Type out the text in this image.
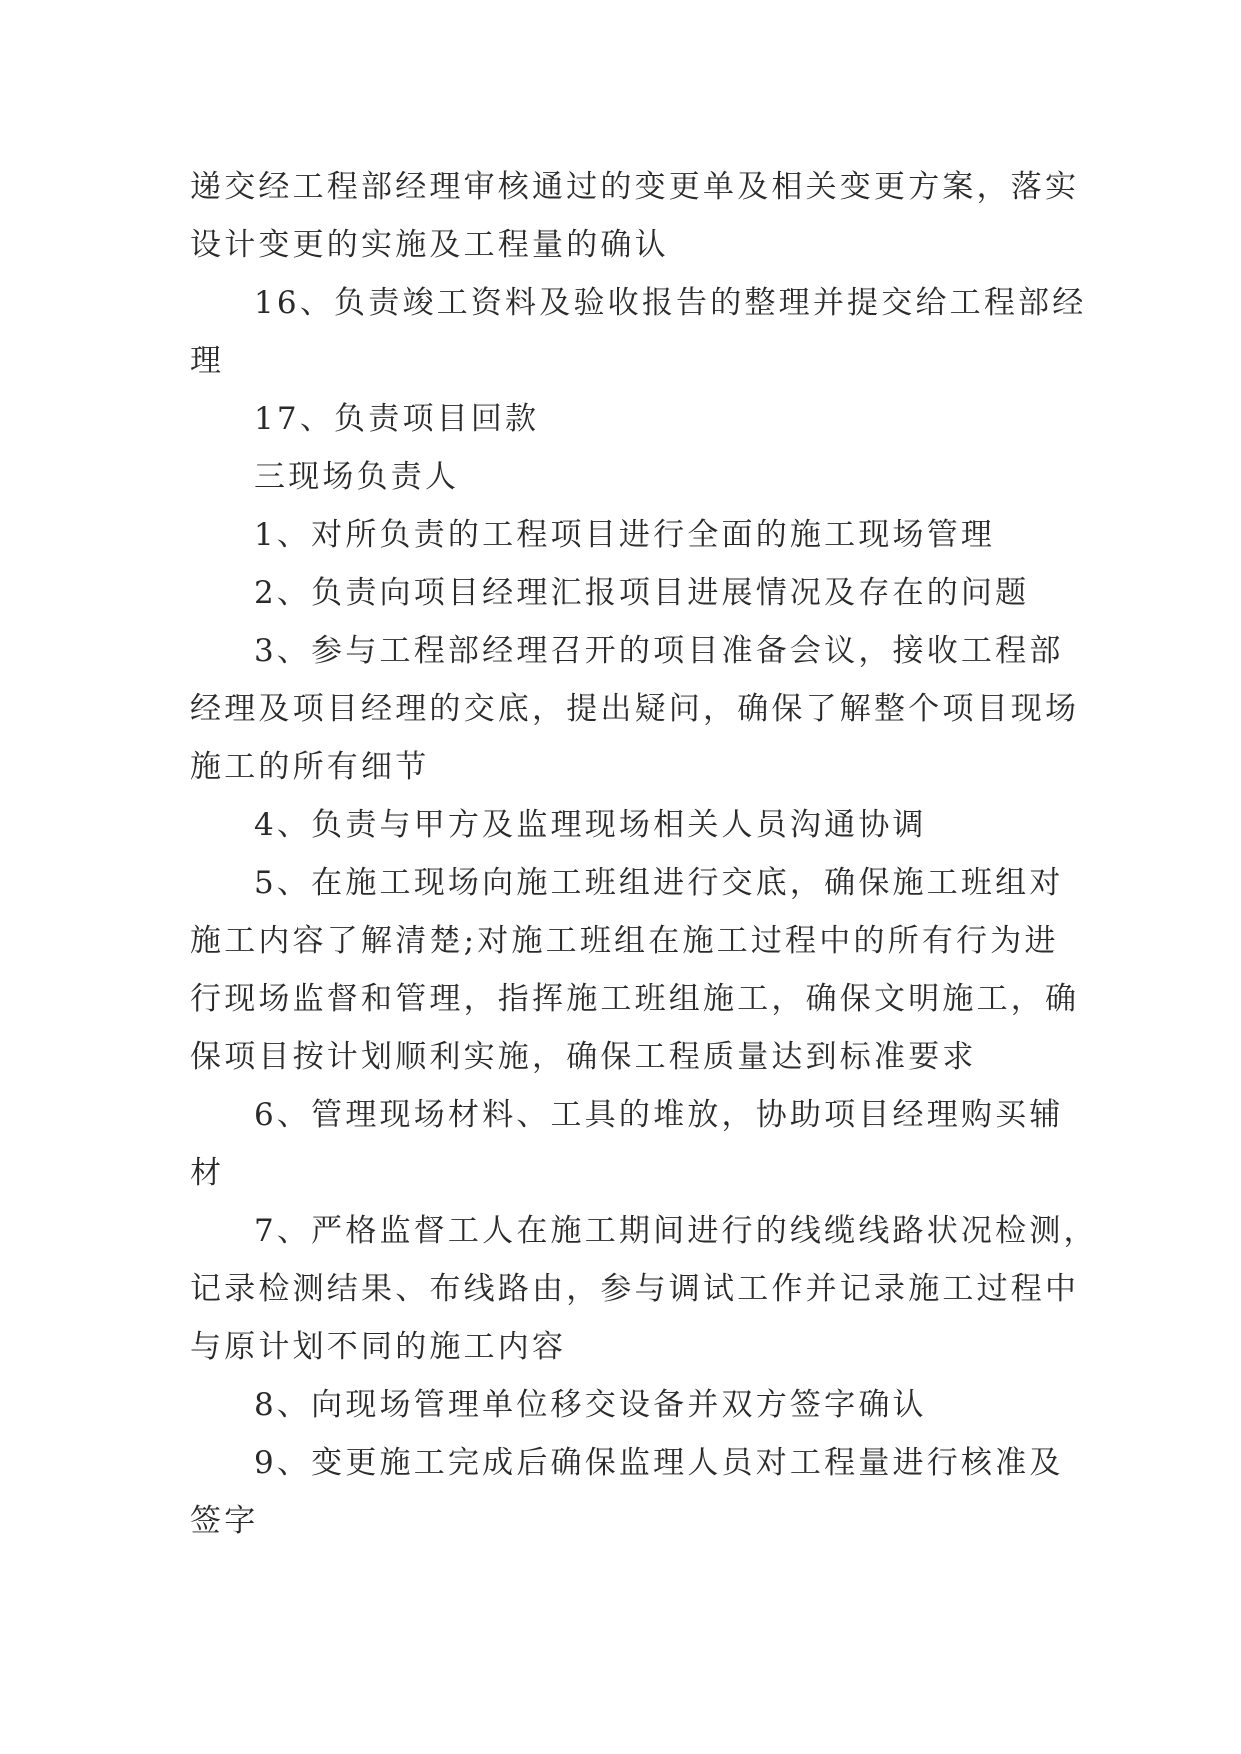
递交经工程部经理审核通过的变更单及相关变更方案，落实
设计变更的实施及工程量的确认
16、负责竣工资料及验收报告的整理并提交给工程部经
理
17、负责项目回款
三现场负责人
1、对所负责的工程项目进行全面的施工现场管理
2、负责向项目经理汇报项目进展情况及存在的问题
3、参与工程部经理召开的项目准备会议，接收工程部
经理及项目经理的交底，提出疑问，确保了解整个项目现场
施工的所有细节
4、负责与甲方及监理现场相关人员沟通协调
5、在施工现场向施工班组进行交底，确保施工班组对
施工内容了解清楚;对施工班组在施工过程中的所有行为进
行现场监督和管理，指挥施工班组施工，确保文明施工，确
保项目按计划顺利实施，确保工程质量达到标准要求
6、管理现场材料、工具的堆放，协助项目经理购买辅
材
7、严格监督工人在施工期间进行的线缆线路状况检测，
记录检测结果、布线路由，参与调试工作并记录施工过程中
与原计划不同的施工内容
8、向现场管理单位移交设备并双方签字确认
9、变更施工完成后确保监理人员对工程量进行核准及
签字
